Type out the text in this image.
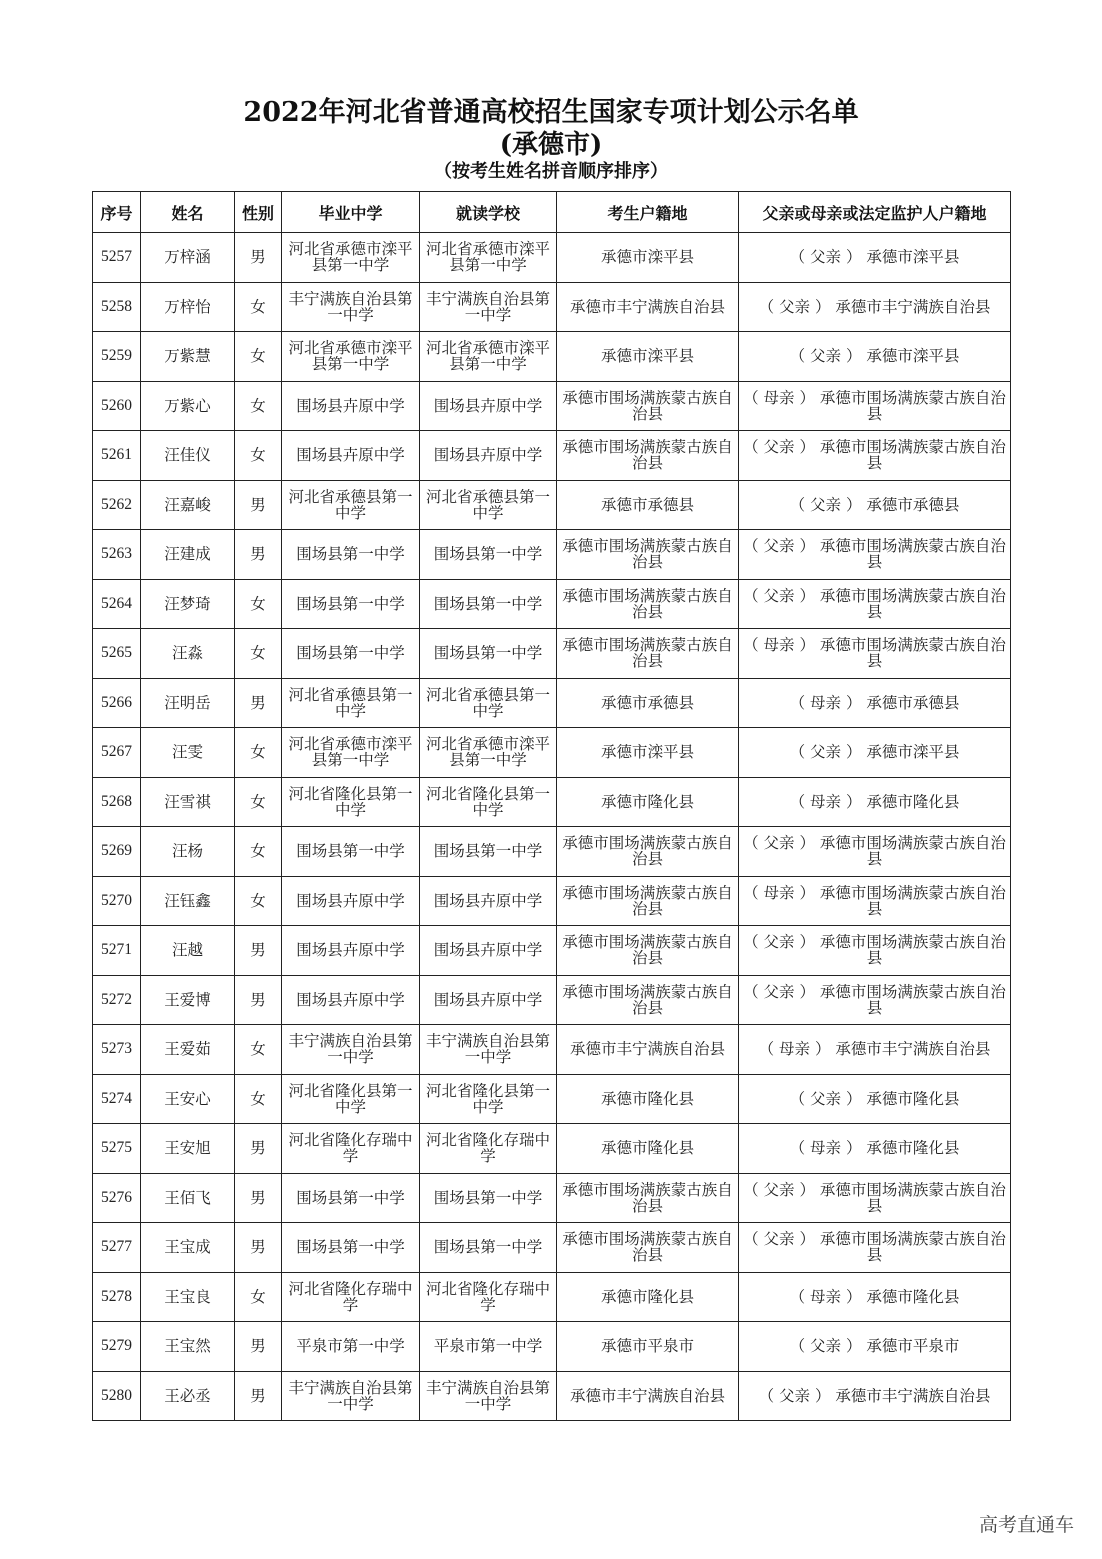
2022年河北省普通高校招生国家专项计划公示名单
(承德市)
（按考生姓名拼音顺序排序）
序号	姓名	性别	毕业中学	就读学校	考生户籍地	父亲或母亲或法定监护人户籍地
5257	万梓涵	男	河北省承德市滦平县第一中学	河北省承德市滦平县第一中学	承德市滦平县	（ 父亲 ） 承德市滦平县
5258	万梓怡	女	丰宁满族自治县第一中学	丰宁满族自治县第一中学	承德市丰宁满族自治县	（ 父亲 ） 承德市丰宁满族自治县
5259	万紫慧	女	河北省承德市滦平县第一中学	河北省承德市滦平县第一中学	承德市滦平县	（ 父亲 ） 承德市滦平县
5260	万紫心	女	围场县卉原中学	围场县卉原中学	承德市围场满族蒙古族自治县	（ 母亲 ） 承德市围场满族蒙古族自治县
5261	汪佳仪	女	围场县卉原中学	围场县卉原中学	承德市围场满族蒙古族自治县	（ 父亲 ） 承德市围场满族蒙古族自治县
5262	汪嘉峻	男	河北省承德县第一中学	河北省承德县第一中学	承德市承德县	（ 父亲 ） 承德市承德县
5263	汪建成	男	围场县第一中学	围场县第一中学	承德市围场满族蒙古族自治县	（ 父亲 ） 承德市围场满族蒙古族自治县
5264	汪梦琦	女	围场县第一中学	围场县第一中学	承德市围场满族蒙古族自治县	（ 父亲 ） 承德市围场满族蒙古族自治县
5265	汪淼	女	围场县第一中学	围场县第一中学	承德市围场满族蒙古族自治县	（ 母亲 ） 承德市围场满族蒙古族自治县
5266	汪明岳	男	河北省承德县第一中学	河北省承德县第一中学	承德市承德县	（ 母亲 ） 承德市承德县
5267	汪雯	女	河北省承德市滦平县第一中学	河北省承德市滦平县第一中学	承德市滦平县	（ 父亲 ） 承德市滦平县
5268	汪雪祺	女	河北省隆化县第一中学	河北省隆化县第一中学	承德市隆化县	（ 母亲 ） 承德市隆化县
5269	汪杨	女	围场县第一中学	围场县第一中学	承德市围场满族蒙古族自治县	（ 父亲 ） 承德市围场满族蒙古族自治县
5270	汪钰鑫	女	围场县卉原中学	围场县卉原中学	承德市围场满族蒙古族自治县	（ 母亲 ） 承德市围场满族蒙古族自治县
5271	汪越	男	围场县卉原中学	围场县卉原中学	承德市围场满族蒙古族自治县	（ 父亲 ） 承德市围场满族蒙古族自治县
5272	王爱博	男	围场县卉原中学	围场县卉原中学	承德市围场满族蒙古族自治县	（ 父亲 ） 承德市围场满族蒙古族自治县
5273	王爱茹	女	丰宁满族自治县第一中学	丰宁满族自治县第一中学	承德市丰宁满族自治县	（ 母亲 ） 承德市丰宁满族自治县
5274	王安心	女	河北省隆化县第一中学	河北省隆化县第一中学	承德市隆化县	（ 父亲 ） 承德市隆化县
5275	王安旭	男	河北省隆化存瑞中学	河北省隆化存瑞中学	承德市隆化县	（ 母亲 ） 承德市隆化县
5276	王佰飞	男	围场县第一中学	围场县第一中学	承德市围场满族蒙古族自治县	（ 父亲 ） 承德市围场满族蒙古族自治县
5277	王宝成	男	围场县第一中学	围场县第一中学	承德市围场满族蒙古族自治县	（ 父亲 ） 承德市围场满族蒙古族自治县
5278	王宝良	女	河北省隆化存瑞中学	河北省隆化存瑞中学	承德市隆化县	（ 母亲 ） 承德市隆化县
5279	王宝然	男	平泉市第一中学	平泉市第一中学	承德市平泉市	（ 父亲 ） 承德市平泉市
5280	王必丞	男	丰宁满族自治县第一中学	丰宁满族自治县第一中学	承德市丰宁满族自治县	（ 父亲 ） 承德市丰宁满族自治县
高考直通车
